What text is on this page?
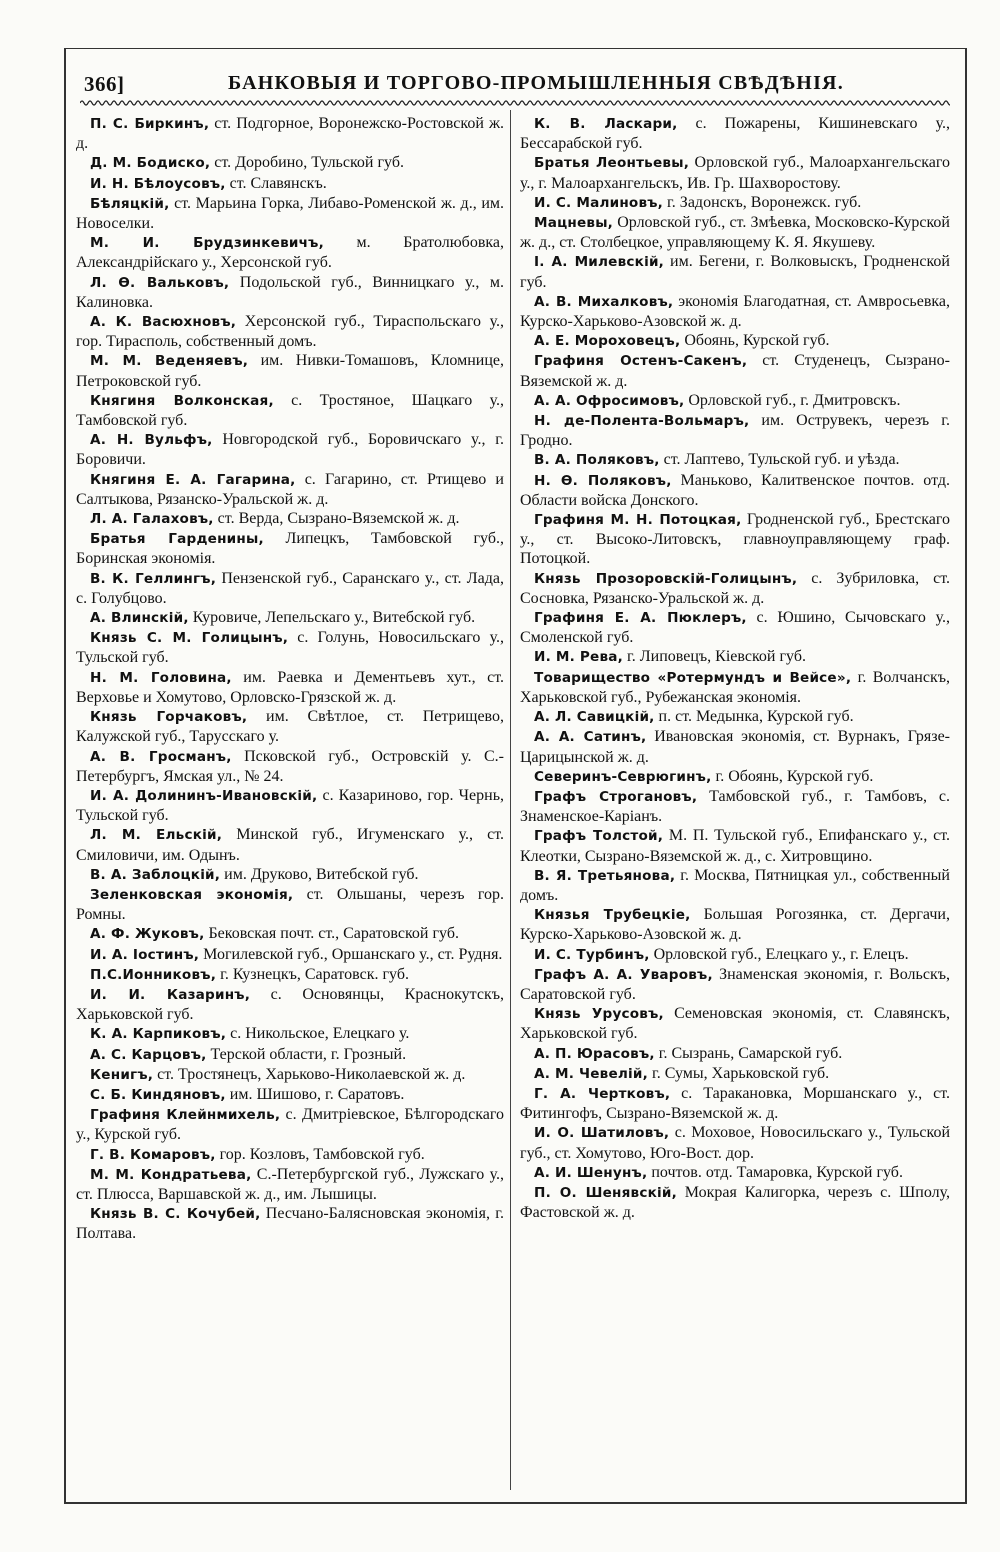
366]	БАНКОВЫЯ И ТОРГОВО-ПРОМЫШЛЕННЫЯ СВѢДѢНІЯ.

П. С. Биркинъ, ст. Подгорное, Воронежско-Ростовской ж. д.

Д. М. Бодиско, ст. Доробино, Тульской губ.

И. Н. Бѣлоусовъ, ст. Славянскъ.

Бѣляцкій, ст. Марьина Горка, Либаво-Роменской ж. д., им. Новоселки.

М. И. Брудзинкевичъ, м. Братолюбовка, Александрійскаго у., Херсонской губ.

Л. Ѳ. Вальковъ, Подольской губ., Винницкаго у., м. Калиновка.

А. К. Васюхновъ, Херсонской губ., Тираспольскаго у., гор. Тирасполь, собственный домъ.

М. М. Веденяевъ, им. Нивки-Томашовъ, Кломнице, Петроковской губ.

Княгиня Волконская, с. Тростяное, Шацкаго у., Тамбовской губ.

А. Н. Вульфъ, Новгородской губ., Боровичскаго у., г. Боровичи.

Княгиня Е. А. Гагарина, с. Гагарино, ст. Ртищево и Салтыкова, Рязанско-Уральской ж. д.

Л. А. Галаховъ, ст. Верда, Сызрано-Вяземской ж. д.

Братья Гарденины, Липецкъ, Тамбовской губ., Боринская экономія.

В. К. Геллингъ, Пензенской губ., Саранскаго у., ст. Лада, с. Голубцово.

А. Влинскій, Куровиче, Лепельскаго у., Витебской губ.

Князь С. М. Голицынъ, с. Голунь, Новосильскаго у., Тульской губ.

Н. М. Головина, им. Раевка и Дементьевъ хут., ст. Верховье и Хомутово, Орловско-Грязской ж. д.

Князь Горчаковъ, им. Свѣтлое, ст. Петрищево, Калужской губ., Тарусскаго у.

А. В. Гросманъ, Псковской губ., Островскій у. С.-Петербургъ, Ямская ул., № 24.

И. А. Долининъ-Ивановскій, с. Казариново, гор. Чернь, Тульской губ.

Л. М. Ельскій, Минской губ., Игуменскаго у., ст. Смиловичи, им. Одынъ.

В. А. Заблоцкій, им. Друково, Витебской губ.

Зеленковская экономія, ст. Ольшаны, черезъ гор. Ромны.

А. Ф. Жуковъ, Бековская почт. ст., Саратовской губ.

И. А. Іостинъ, Могилевской губ., Оршанскаго у., ст. Рудня.

П.С.Ионниковъ, г. Кузнецкъ, Саратовск. губ.

И. И. Казаринъ, с. Основянцы, Краснокутскъ, Харьковской губ.

К. А. Карпиковъ, с. Никольское, Елецкаго у.

А. С. Карцовъ, Терской области, г. Грозный.

Кенигъ, ст. Тростянецъ, Харьково-Николаевской ж. д.

С. Б. Киндяновъ, им. Шишово, г. Саратовъ.

Графиня Клейнмихель, с. Дмитріевское, Бѣлгородскаго у., Курской губ.

Г. В. Комаровъ, гор. Козловъ, Тамбовской губ.

М. М. Кондратьева, С.-Петербургской губ., Лужскаго у., ст. Плюсса, Варшавской ж. д., им. Лышицы.

Князь В. С. Кочубей, Песчано-Балясновская экономія, г. Полтава.

К. В. Ласкари, с. Пожарены, Кишиневскаго у., Бессарабской губ.

Братья Леонтьевы, Орловской губ., Малоархангельскаго у., г. Малоархангельскъ, Ив. Гр. Шахворостову.

И. С. Малиновъ, г. Задонскъ, Воронежск. губ.

Мацневы, Орловской губ., ст. Змѣевка, Московско-Курской ж. д., ст. Столбецкое, управляющему К. Я. Якушеву.

І. А. Милевскій, им. Бегени, г. Волковыскъ, Гродненской губ.

А. В. Михалковъ, экономія Благодатная, ст. Амвросьевка, Курско-Харьково-Азовской ж. д.

А. Е. Мороховецъ, Обоянь, Курской губ.

Графиня Остенъ-Сакенъ, ст. Студенецъ, Сызрано-Вяземской ж. д.

А. А. Офросимовъ, Орловской губ., г. Дмитровскъ.

Н. де-Полента-Вольмаръ, им. Острувекъ, черезъ г. Гродно.

В. А. Поляковъ, ст. Лаптево, Тульской губ. и уѣзда.

Н. Ѳ. Поляковъ, Маньково, Калитвенское почтов. отд. Области войска Донского.

Графиня М. Н. Потоцкая, Гродненской губ., Брестскаго у., ст. Высоко-Литовскъ, главноуправляющему граф. Потоцкой.

Князь Прозоровскій-Голицынъ, с. Зубриловка, ст. Сосновка, Рязанско-Уральской ж. д.

Графиня Е. А. Пюклеръ, с. Юшино, Сычовскаго у., Смоленской губ.

И. М. Рева, г. Липовецъ, Кіевской губ.

Товарищество «Ротермундъ и Вейсе», г. Волчанскъ, Харьковской губ., Рубежанская экономія.

А. Л. Савицкій, п. ст. Медынка, Курской губ.

А. А. Сатинъ, Ивановская экономія, ст. Вурнакъ, Грязе-Царицынской ж. д.

Северинъ-Севрюгинъ, г. Обоянь, Курской губ.

Графъ Строгановъ, Тамбовской губ., г. Тамбовъ, с. Знаменское-Каріанъ.

Графъ Толстой, М. П. Тульской губ., Епифанскаго у., ст. Клеотки, Сызрано-Вяземской ж. д., с. Хитровщино.

В. Я. Третьянова, г. Москва, Пятницкая ул., собственный домъ.

Князья Трубецкіе, Большая Рогозянка, ст. Дергачи, Курско-Харьково-Азовской ж. д.

И. С. Турбинъ, Орловской губ., Елецкаго у., г. Елецъ.

Графъ А. А. Уваровъ, Знаменская экономія, г. Вольскъ, Саратовской губ.

Князь Урусовъ, Семеновская экономія, ст. Славянскъ, Харьковской губ.

А. П. Юрасовъ, г. Сызрань, Самарской губ.

А. М. Чевелій, г. Сумы, Харьковской губ.

Г. А. Чертковъ, с. Таракановка, Моршанскаго у., ст. Фитингофъ, Сызрано-Вяземской ж. д.

И. О. Шатиловъ, с. Моховое, Новосильскаго у., Тульской губ., ст. Хомутово, Юго-Вост. дор.

А. И. Шенунъ, почтов. отд. Тамаровка, Курской губ.

П. О. Шенявскій, Мокрая Калигорка, черезъ с. Шполу, Фастовской ж. д.
